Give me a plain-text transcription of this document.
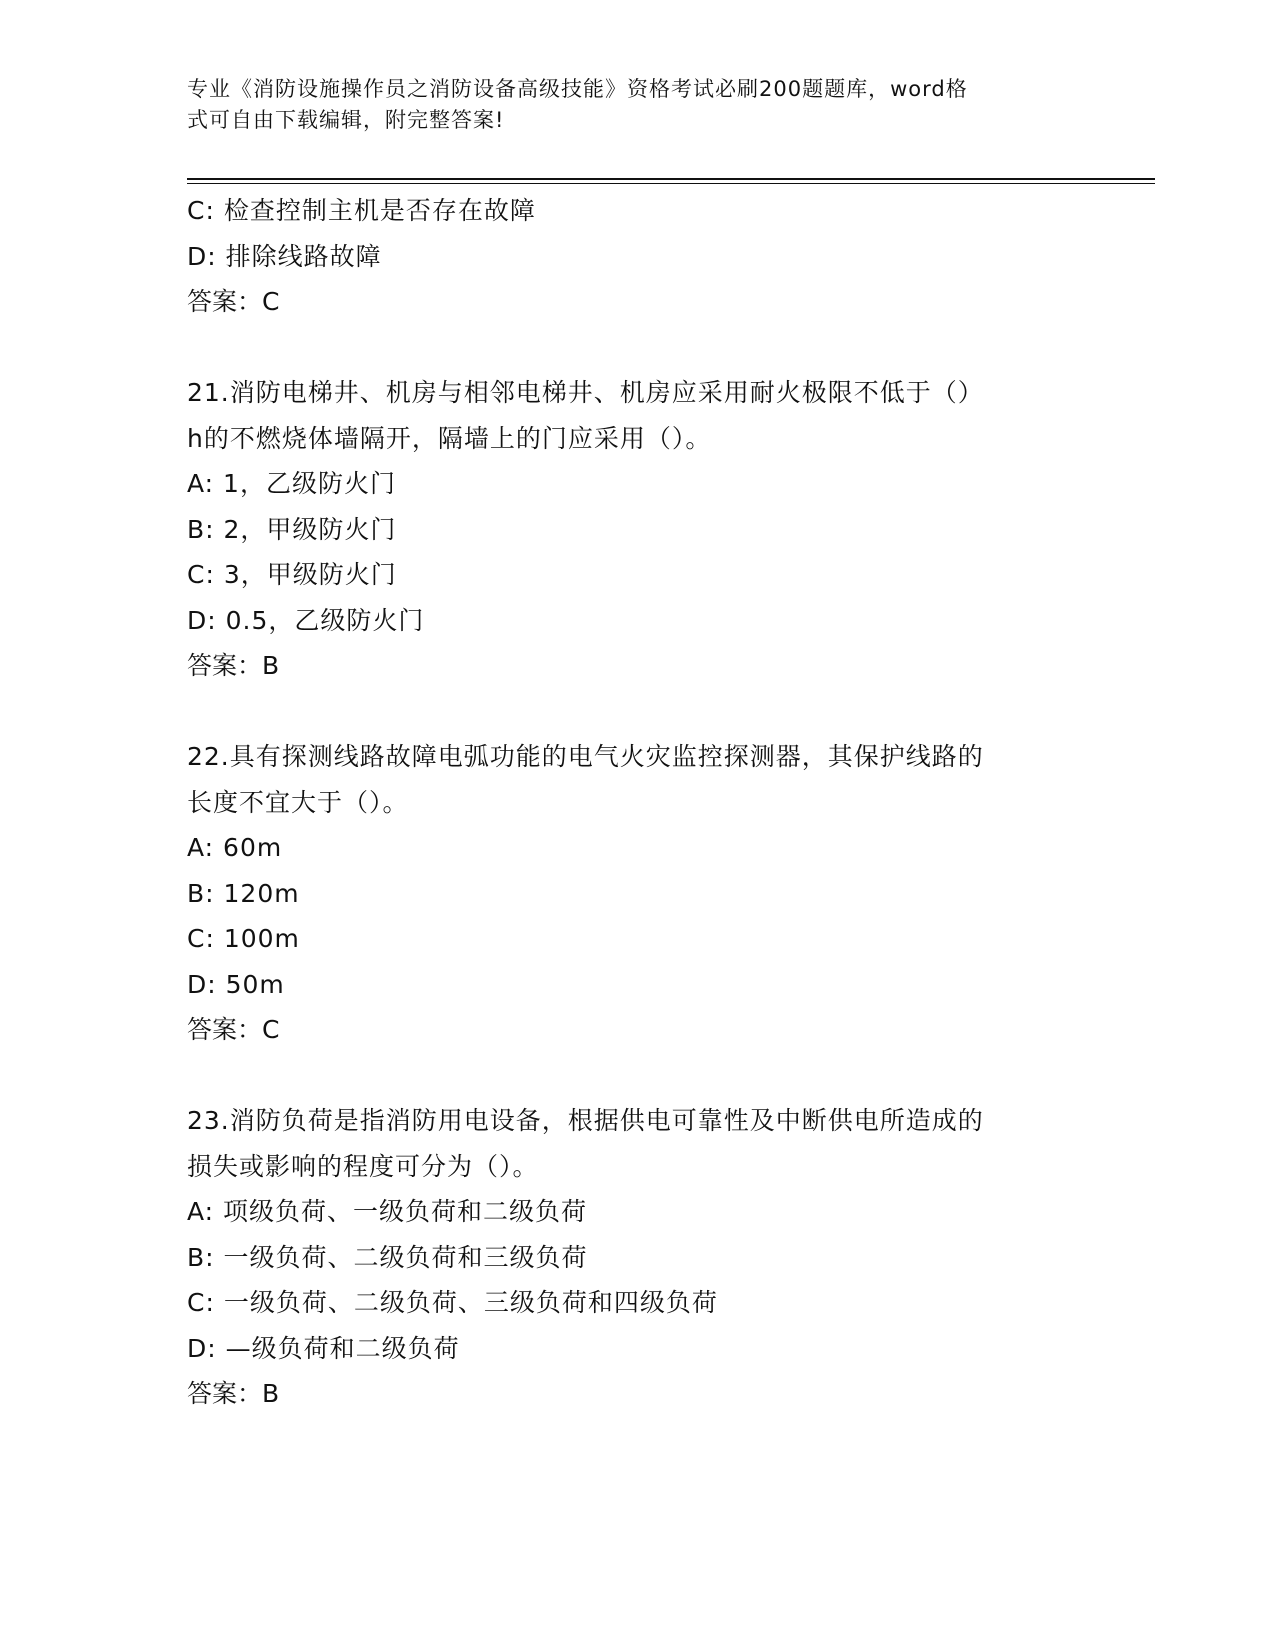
专业《消防设施操作员之消防设备高级技能》资格考试必刷200题题库，word格
式可自由下载编辑，附完整答案!
C: 检查控制主机是否存在故障
D: 排除线路故障
答案：C
21.消防电梯井、机房与相邻电梯井、机房应采用耐火极限不低于（）
h的不燃烧体墙隔开，隔墙上的门应采用（）。
A: 1，乙级防火门
B: 2，甲级防火门
C: 3，甲级防火门
D: 0.5，乙级防火门
答案：B
22.具有探测线路故障电弧功能的电气火灾监控探测器，其保护线路的
长度不宜大于（）。
A: 60m
B: 120m
C: 100m
D: 50m
答案：C
23.消防负荷是指消防用电设备，根据供电可靠性及中断供电所造成的
损失或影响的程度可分为（）。
A: 项级负荷、一级负荷和二级负荷
B: 一级负荷、二级负荷和三级负荷
C: 一级负荷、二级负荷、三级负荷和四级负荷
D: —级负荷和二级负荷
答案：B
